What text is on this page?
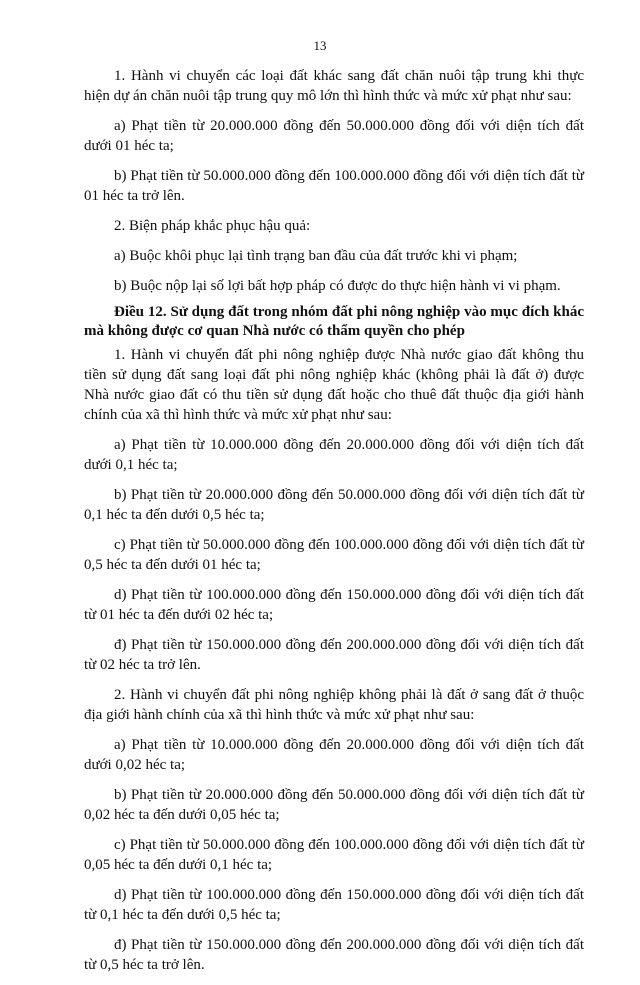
13

1. Hành vi chuyển các loại đất khác sang đất chăn nuôi tập trung khi thực hiện dự án chăn nuôi tập trung quy mô lớn thì hình thức và mức xử phạt như sau:

a) Phạt tiền từ 20.000.000 đồng đến 50.000.000 đồng đối với diện tích đất dưới 01 héc ta;

b) Phạt tiền từ 50.000.000 đồng đến 100.000.000 đồng đối với diện tích đất từ 01 héc ta trở lên.

2. Biện pháp khắc phục hậu quả:

a) Buộc khôi phục lại tình trạng ban đầu của đất trước khi vi phạm;

b) Buộc nộp lại số lợi bất hợp pháp có được do thực hiện hành vi vi phạm.

Điều 12. Sử dụng đất trong nhóm đất phi nông nghiệp vào mục đích khác mà không được cơ quan Nhà nước có thẩm quyền cho phép

1. Hành vi chuyển đất phi nông nghiệp được Nhà nước giao đất không thu tiền sử dụng đất sang loại đất phi nông nghiệp khác (không phải là đất ở) được Nhà nước giao đất có thu tiền sử dụng đất hoặc cho thuê đất thuộc địa giới hành chính của xã thì hình thức và mức xử phạt như sau:

a) Phạt tiền từ 10.000.000 đồng đến 20.000.000 đồng đối với diện tích đất dưới 0,1 héc ta;

b) Phạt tiền từ 20.000.000 đồng đến 50.000.000 đồng đối với diện tích đất từ 0,1 héc ta đến dưới 0,5 héc ta;

c) Phạt tiền từ 50.000.000 đồng đến 100.000.000 đồng đối với diện tích đất từ 0,5 héc ta đến dưới 01 héc ta;

d) Phạt tiền từ 100.000.000 đồng đến 150.000.000 đồng đối với diện tích đất từ 01 héc ta đến dưới 02 héc ta;

đ) Phạt tiền từ 150.000.000 đồng đến 200.000.000 đồng đối với diện tích đất từ 02 héc ta trở lên.

2. Hành vi chuyển đất phi nông nghiệp không phải là đất ở sang đất ở thuộc địa giới hành chính của xã thì hình thức và mức xử phạt như sau:

a) Phạt tiền từ 10.000.000 đồng đến 20.000.000 đồng đối với diện tích đất dưới 0,02 héc ta;

b) Phạt tiền từ 20.000.000 đồng đến 50.000.000 đồng đối với diện tích đất từ 0,02 héc ta đến dưới 0,05 héc ta;

c) Phạt tiền từ 50.000.000 đồng đến 100.000.000 đồng đối với diện tích đất từ 0,05 héc ta đến dưới 0,1 héc ta;

d) Phạt tiền từ 100.000.000 đồng đến 150.000.000 đồng đối với diện tích đất từ 0,1 héc ta đến dưới 0,5 héc ta;

đ) Phạt tiền từ 150.000.000 đồng đến 200.000.000 đồng đối với diện tích đất từ 0,5 héc ta trở lên.
